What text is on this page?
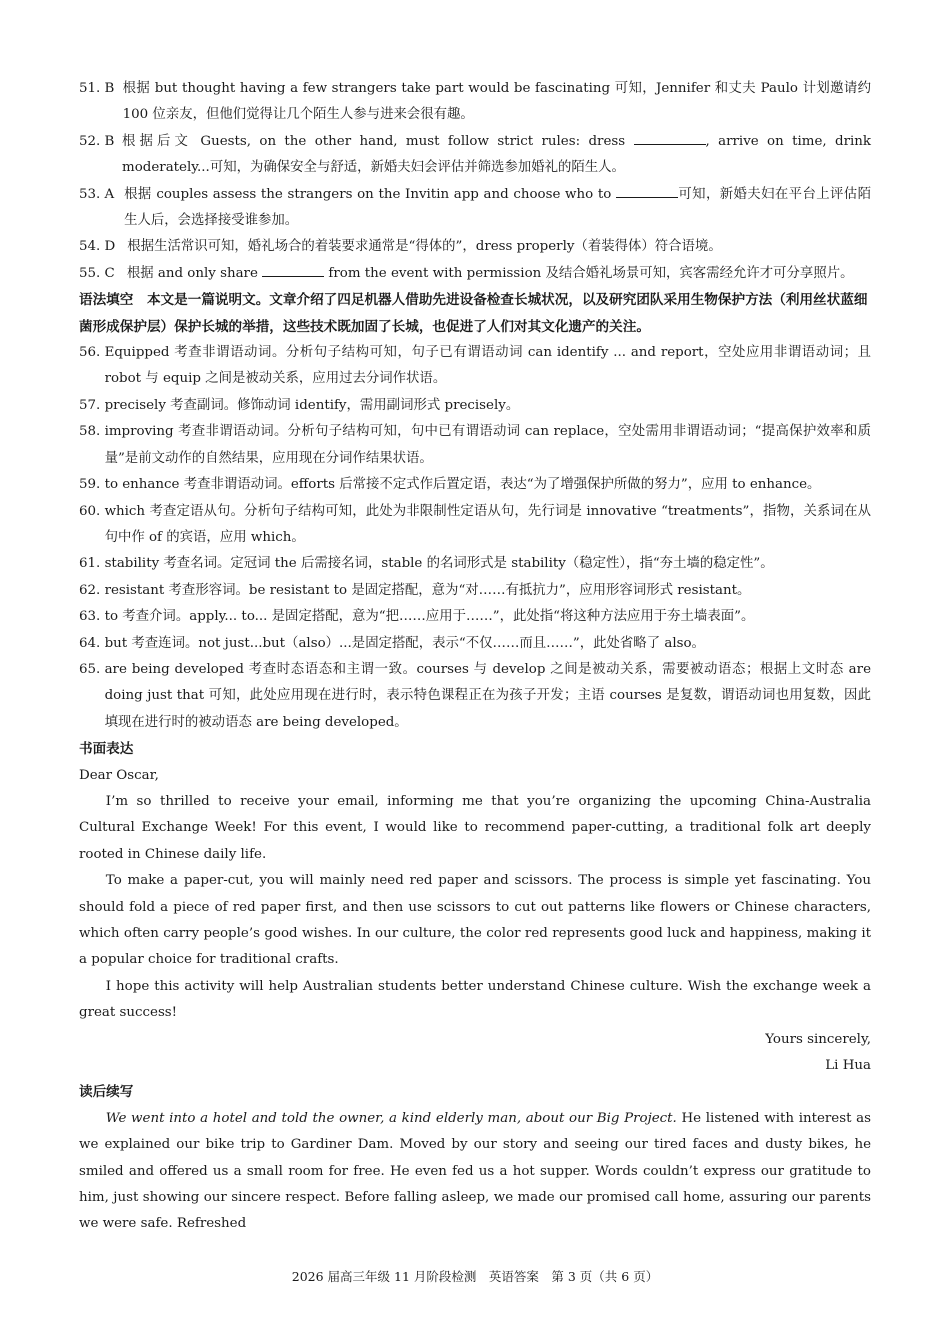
51. B 根据 but thought having a few strangers take part would be fascinating 可知，Jennifer 和丈夫 Paulo 计划邀请约 100 位亲友，但他们觉得让几个陌生人参与进来会很有趣。
52. B 根据后文 Guests, on the other hand, must follow strict rules: dress	, arrive on time, drink moderately...可知，为确保安全与舒适，新婚夫妇会评估并筛选参加婚礼的陌生人。
53. A 根据 couples assess the strangers on the Invitin app and choose who to	可知，新婚夫妇在平台上评估陌生人后，会选择接受谁参加。
54. D 根据生活常识可知，婚礼场合的着装要求通常是“得体的”，dress properly（着装得体）符合语境。
55. C 根据 and only share	from the event with permission 及结合婚礼场景可知，宾客需经允许才可分享照片。
语法填空　本文是一篇说明文。文章介绍了四足机器人借助先进设备检查长城状况，以及研究团队采用生物保护方法（利用丝状蓝细菌形成保护层）保护长城的举措，这些技术既加固了长城，也促进了人们对其文化遗产的关注。
56. Equipped 考查非谓语动词。分析句子结构可知，句子已有谓语动词 can identify ... and report，空处应用非谓语动词；且 robot 与 equip 之间是被动关系，应用过去分词作状语。
57. precisely 考查副词。修饰动词 identify，需用副词形式 precisely。
58. improving 考查非谓语动词。分析句子结构可知，句中已有谓语动词 can replace，空处需用非谓语动词；“提高保护效率和质量”是前文动作的自然结果，应用现在分词作结果状语。
59. to enhance 考查非谓语动词。efforts 后常接不定式作后置定语，表达“为了增强保护所做的努力”，应用 to enhance。
60. which 考查定语从句。分析句子结构可知，此处为非限制性定语从句，先行词是 innovative “treatments”，指物，关系词在从句中作 of 的宾语，应用 which。
61. stability 考查名词。定冠词 the 后需接名词，stable 的名词形式是 stability（稳定性），指“夯土墙的稳定性”。
62. resistant 考查形容词。be resistant to 是固定搭配，意为“对……有抵抗力”，应用形容词形式 resistant。
63. to 考查介词。apply... to... 是固定搭配，意为“把……应用于……”，此处指“将这种方法应用于夯土墙表面”。
64. but 考查连词。not just...but（also）...是固定搭配，表示“不仅……而且……”，此处省略了 also。
65. are being developed 考查时态语态和主谓一致。courses 与 develop 之间是被动关系，需要被动语态；根据上文时态 are doing just that 可知，此处应用现在进行时，表示特色课程正在为孩子开发；主语 courses 是复数，谓语动词也用复数，因此填现在进行时的被动语态 are being developed。
书面表达
Dear Oscar,
I’m so thrilled to receive your email, informing me that you’re organizing the upcoming China-Australia Cultural Exchange Week! For this event, I would like to recommend paper-cutting, a traditional folk art deeply rooted in Chinese daily life.
To make a paper-cut, you will mainly need red paper and scissors. The process is simple yet fascinating. You should fold a piece of red paper first, and then use scissors to cut out patterns like flowers or Chinese characters, which often carry people’s good wishes. In our culture, the color red represents good luck and happiness, making it a popular choice for traditional crafts.
I hope this activity will help Australian students better understand Chinese culture. Wish the exchange week a great success!
Yours sincerely,
Li Hua
读后续写
We went into a hotel and told the owner, a kind elderly man, about our Big Project. He listened with interest as we explained our bike trip to Gardiner Dam. Moved by our story and seeing our tired faces and dusty bikes, he smiled and offered us a small room for free. He even fed us a hot supper. Words couldn’t express our gratitude to him, just showing our sincere respect. Before falling asleep, we made our promised call home, assuring our parents we were safe. Refreshed
2026 届高三年级 11 月阶段检测　英语答案　第 3 页（共 6 页）
